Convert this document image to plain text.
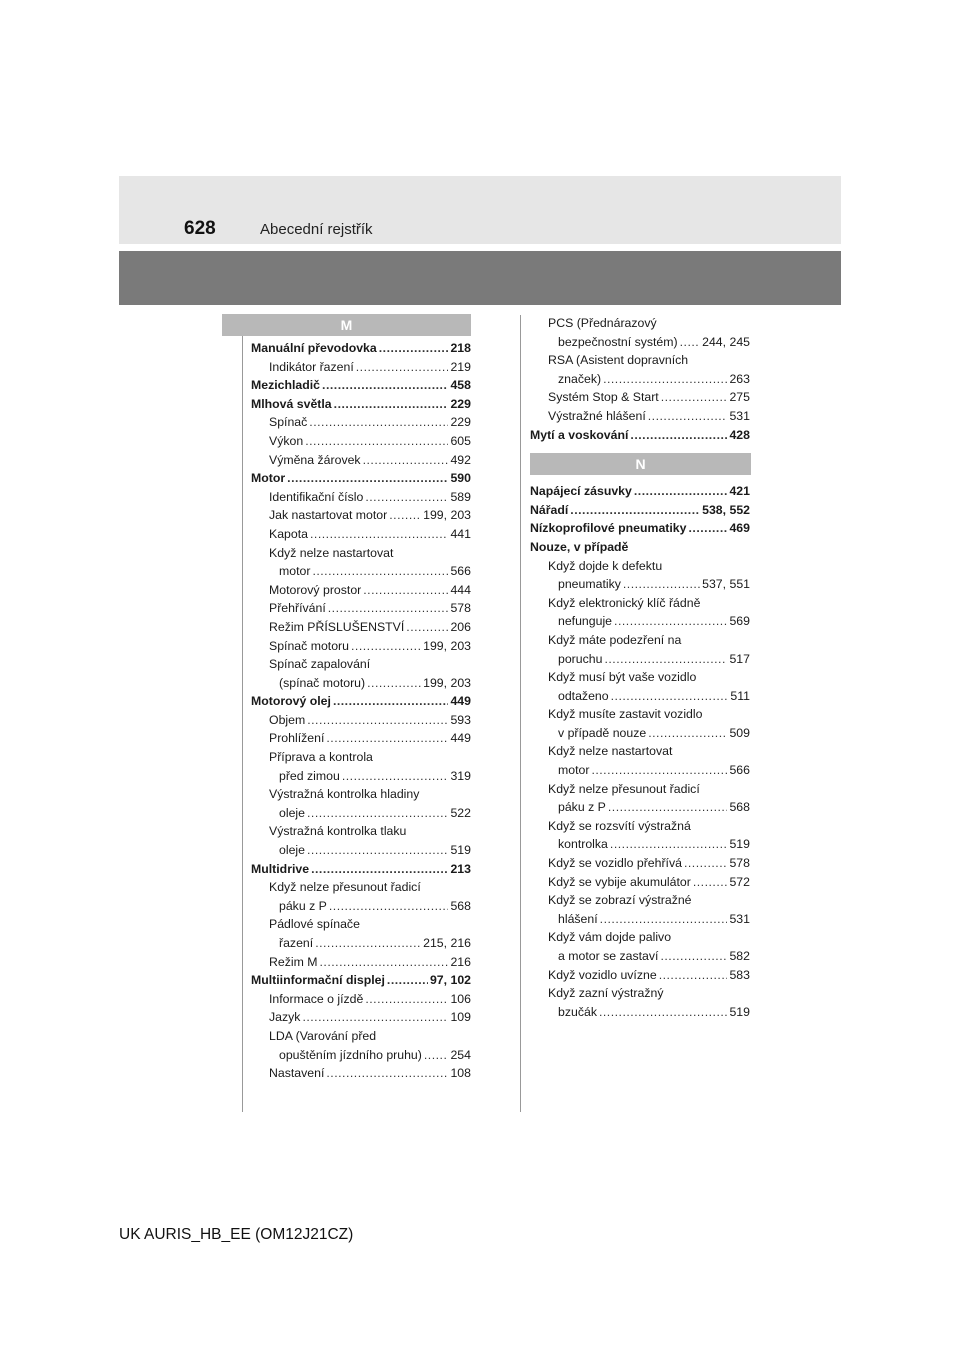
628	Abecední rejstřík
M
Manuální převodovka .....	218
Indikátor řazení .....	219
Mezichladič .....	458
Mlhová světla .....	229
Spínač .....	229
Výkon .....	605
Výměna žárovek .....	492
Motor .....	590
Identifikační číslo .....	589
Jak nastartovat motor .....	199, 203
Kapota .....	441
Když nelze nastartovat
motor .....	566
Motorový prostor .....	444
Přehřívání .....	578
Režim PŘÍSLUŠENSTVÍ .....	206
Spínač motoru .....	199, 203
Spínač zapalování
(spínač motoru) .....	199, 203
Motorový olej .....	449
Objem .....	593
Prohlížení .....	449
Příprava a kontrola
před zimou .....	319
Výstražná kontrolka hladiny
oleje .....	522
Výstražná kontrolka tlaku
oleje .....	519
Multidrive .....	213
Když nelze přesunout řadicí
páku z P .....	568
Pádlové spínače
řazení .....	215, 216
Režim M .....	216
Multiinformační displej .....	97, 102
Informace o jízdě .....	106
Jazyk .....	109
LDA (Varování před
opuštěním jízdního pruhu) ..... 254
Nastavení .....	108
PCS (Přednárazový
bezpečnostní systém) ..... 244, 245
RSA (Asistent dopravních
značek) .....	263
Systém Stop & Start .....	275
Výstražné hlášení .....	531
Mytí a voskování .....	428
N
Napájecí zásuvky .....	421
Nářadí .....	538, 552
Nízkoprofilové pneumatiky .....	469
Nouze, v případě
Když dojde k defektu
pneumatiky .....	537, 551
Když elektronický klíč řádně
nefunguje .....	569
Když máte podezření na
poruchu .....	517
Když musí být vaše vozidlo
odtaženo .....	511
Když musíte zastavit vozidlo
v případě nouze .....	509
Když nelze nastartovat
motor .....	566
Když nelze přesunout řadicí
páku z P .....	568
Když se rozsvítí výstražná
kontrolka .....	519
Když se vozidlo přehřívá .....	578
Když se vybije akumulátor .....	572
Když se zobrazí výstražné
hlášení .....	531
Když vám dojde palivo
a motor se zastaví .....	582
Když vozidlo uvízne .....	583
Když zazní výstražný
bzučák .....	519
UK AURIS_HB_EE (OM12J21CZ)
